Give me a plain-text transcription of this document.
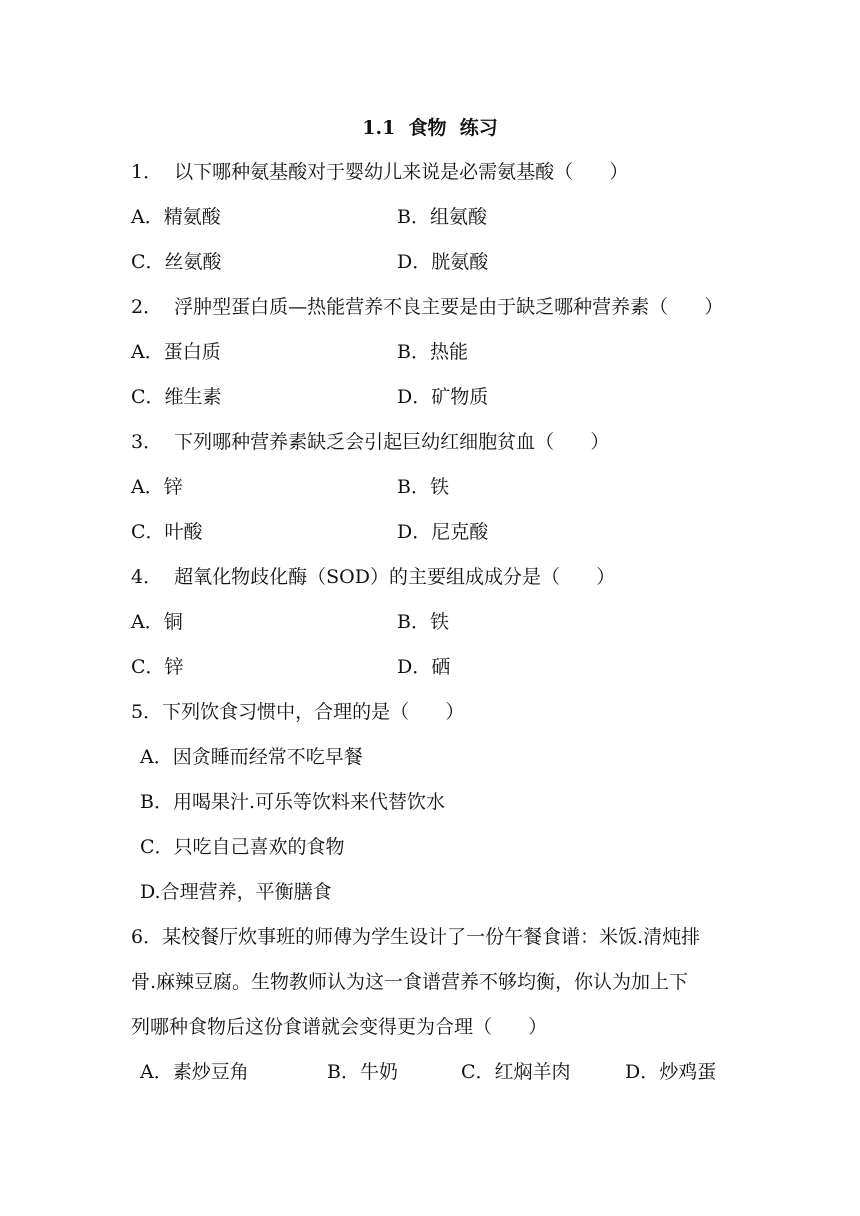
1.1  食物  练习
1．  以下哪种氨基酸对于婴幼儿来说是必需氨基酸（      ）
A．精氨酸	B．组氨酸
C．丝氨酸	D．胱氨酸
2．  浮肿型蛋白质—热能营养不良主要是由于缺乏哪种营养素（      ）
A．蛋白质	B．热能
C．维生素	D．矿物质
3．  下列哪种营养素缺乏会引起巨幼红细胞贫血（      ）
A．锌	B．铁
C．叶酸	D．尼克酸
4．  超氧化物歧化酶（SOD）的主要组成成分是（      ）
A．铜	B．铁
C．锌	D．硒
5．下列饮食习惯中，合理的是（      ）
A．因贪睡而经常不吃早餐
B．用喝果汁.可乐等饮料来代替饮水
C．只吃自己喜欢的食物
D.合理营养，平衡膳食
6．某校餐厅炊事班的师傅为学生设计了一份午餐食谱：米饭.清炖排
骨.麻辣豆腐。生物教师认为这一食谱营养不够均衡，你认为加上下
列哪种食物后这份食谱就会变得更为合理（      ）
A．素炒豆角	B．牛奶	C．红焖羊肉	D．炒鸡蛋
